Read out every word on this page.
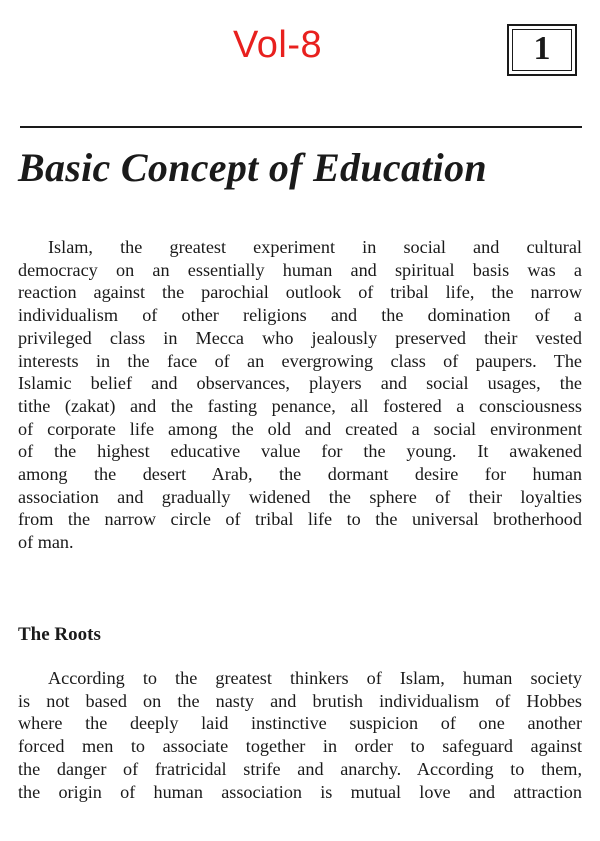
Vol-8	1
Basic Concept of Education

Islam, the greatest experiment in social and cultural
democracy on an essentially human and spiritual basis was a
reaction against the parochial outlook of tribal life, the narrow
individualism of other religions and the domination of a
privileged class in Mecca who jealously preserved their vested
interests in the face of an evergrowing class of paupers. The
Islamic belief and observances, players and social usages, the
tithe (zakat) and the fasting penance, all fostered a consciousness
of corporate life among the old and created a social environment
of the highest educative value for the young. It awakened
among the desert Arab, the dormant desire for human
association and gradually widened the sphere of their loyalties
from the narrow circle of tribal life to the universal brotherhood
of man.

The Roots

According to the greatest thinkers of Islam, human society
is not based on the nasty and brutish individualism of Hobbes
where the deeply laid instinctive suspicion of one another
forced men to associate together in order to safeguard against
the danger of fratricidal strife and anarchy. According to them,
the origin of human association is mutual love and attraction
